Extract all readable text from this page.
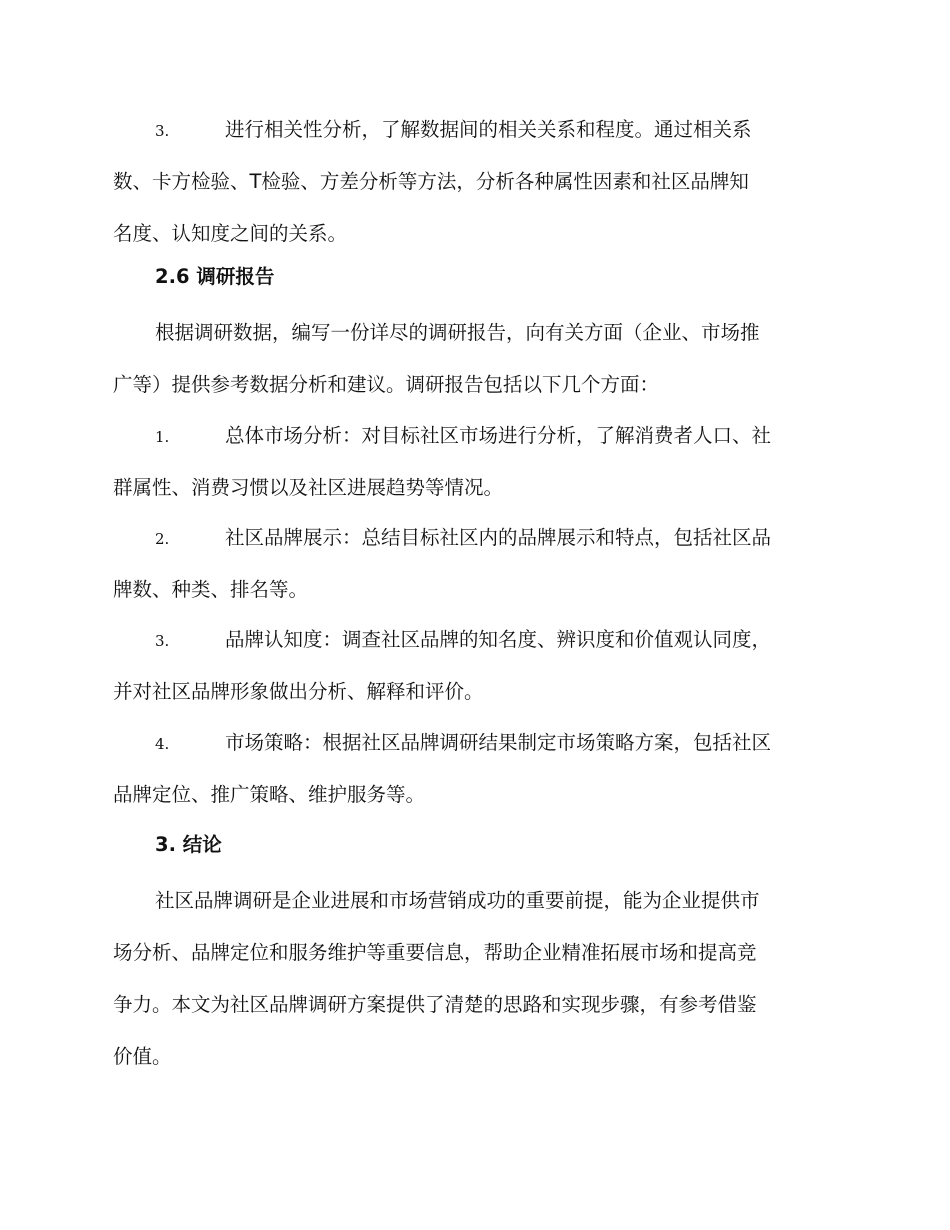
3.	进行相关性分析，了解数据间的相关关系和程度。通过相关系
数、卡方检验、T检验、方差分析等方法，分析各种属性因素和社区品牌知
名度、认知度之间的关系。
2.6 调研报告
根据调研数据，编写一份详尽的调研报告，向有关方面（企业、市场推
广等）提供参考数据分析和建议。调研报告包括以下几个方面：
1.	总体市场分析：对目标社区市场进行分析，了解消费者人口、社
群属性、消费习惯以及社区进展趋势等情况。
2.	社区品牌展示：总结目标社区内的品牌展示和特点，包括社区品
牌数、种类、排名等。
3.	品牌认知度：调查社区品牌的知名度、辨识度和价值观认同度，
并对社区品牌形象做出分析、解释和评价。
4.	市场策略：根据社区品牌调研结果制定市场策略方案，包括社区
品牌定位、推广策略、维护服务等。
3. 结论
社区品牌调研是企业进展和市场营销成功的重要前提，能为企业提供市
场分析、品牌定位和服务维护等重要信息，帮助企业精准拓展市场和提高竞
争力。本文为社区品牌调研方案提供了清楚的思路和实现步骤，有参考借鉴
价值。
